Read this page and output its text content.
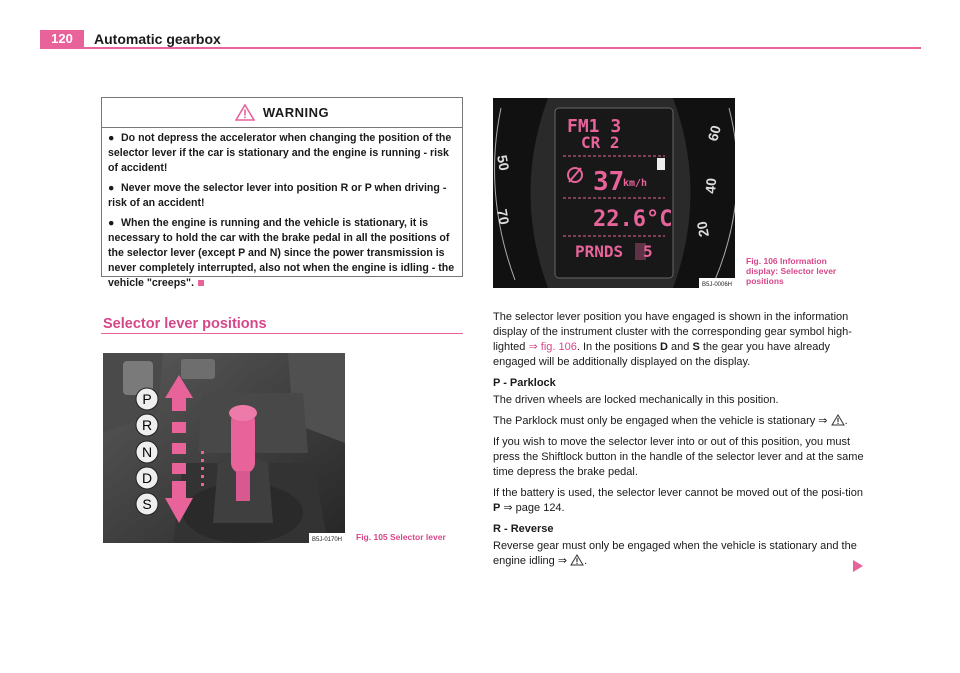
120	Automatic gearbox
WARNING

● Do not depress the accelerator when changing the position of the selector lever if the car is stationary and the engine is running - risk of accident!

● Never move the selector lever into position R or P when driving - risk of an accident!

● When the engine is running and the vehicle is stationary, it is necessary to hold the car with the brake pedal in all the positions of the selector lever (except P and N) since the power transmission is never completely interrupted, also not when the engine is idling - the vehicle "creeps".

Selector lever positions
P
R
N
D
S
B5J-0170H Fig. 105 Selector lever
50
70
60
40
20
FM1 3
CR 2
37
km/h
22.6°C
PRNDS 5
B5J-0006H
Fig. 106 Information display: Selector lever positions

The selector lever position you have engaged is shown in the information display of the instrument cluster with the corresponding gear symbol high-lighted ⇒ fig. 106. In the positions D and S the gear you have already engaged will be additionally displayed on the display.

P - Parklock

The driven wheels are locked mechanically in this position.

The Parklock must only be engaged when the vehicle is stationary ⇒ .

If you wish to move the selector lever into or out of this position, you must press the Shiftlock button in the handle of the selector lever and at the same time depress the brake pedal.

If the battery is used, the selector lever cannot be moved out of the posi-tion P ⇒ page 124.

R - Reverse

Reverse gear must only be engaged when the vehicle is stationary and the engine idling ⇒ .
